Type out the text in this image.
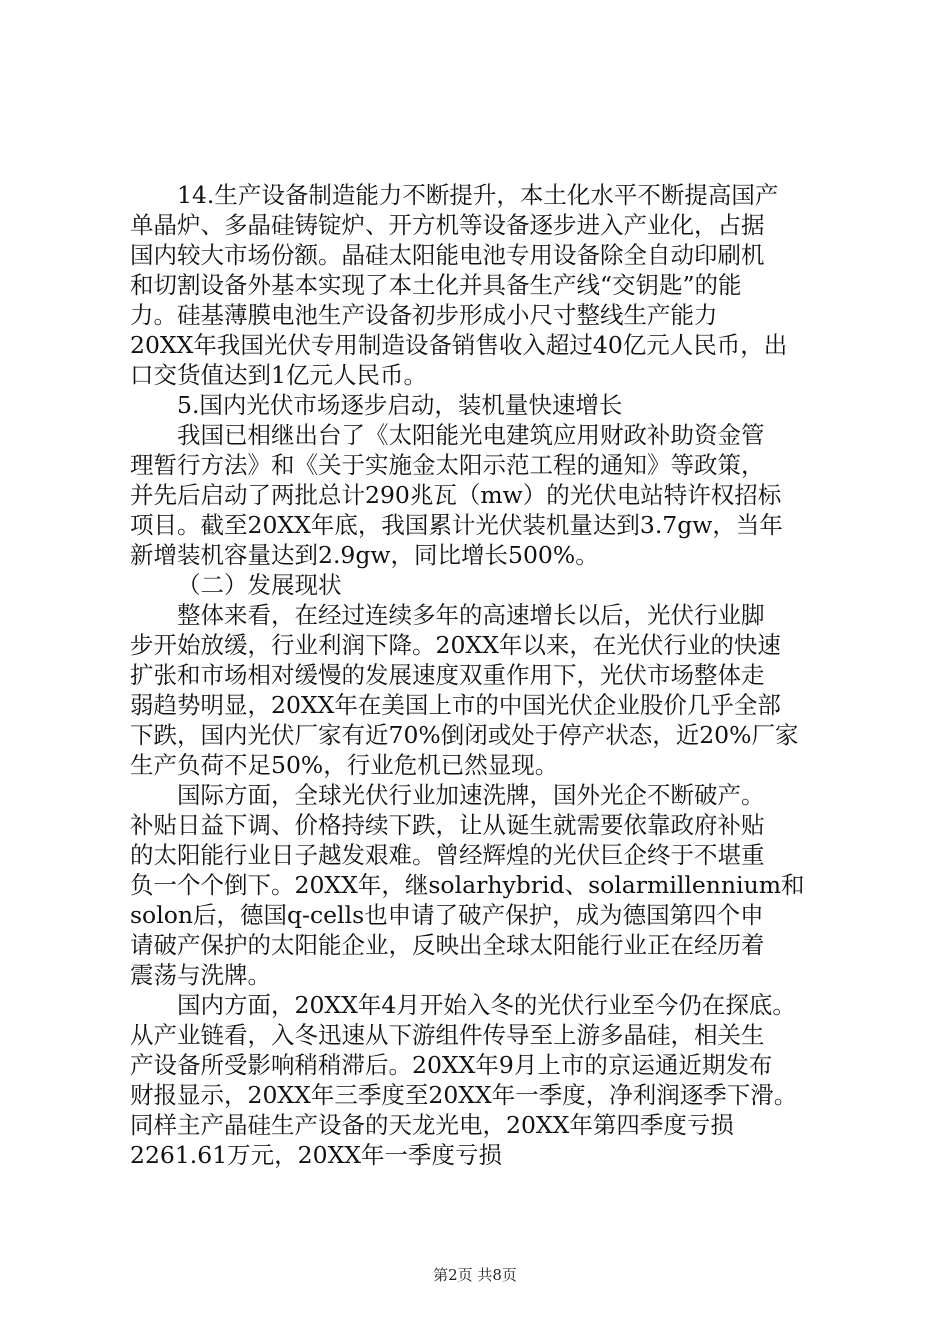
14.生产设备制造能力不断提升，本土化水平不断提高国产
单晶炉、多晶硅铸锭炉、开方机等设备逐步进入产业化，占据
国内较大市场份额。晶硅太阳能电池专用设备除全自动印刷机
和切割设备外基本实现了本土化并具备生产线“交钥匙”的能
力。硅基薄膜电池生产设备初步形成小尺寸整线生产能力
20XX年我国光伏专用制造设备销售收入超过40亿元人民币，出
口交货值达到1亿元人民币。
5.国内光伏市场逐步启动，装机量快速增长
我国已相继出台了《太阳能光电建筑应用财政补助资金管
理暂行方法》和《关于实施金太阳示范工程的通知》等政策，
并先后启动了两批总计290兆瓦（mw）的光伏电站特许权招标
项目。截至20XX年底，我国累计光伏装机量达到3.7gw，当年
新增装机容量达到2.9gw，同比增长500%。
（二）发展现状
整体来看，在经过连续多年的高速增长以后，光伏行业脚
步开始放缓，行业利润下降。20XX年以来，在光伏行业的快速
扩张和市场相对缓慢的发展速度双重作用下，光伏市场整体走
弱趋势明显，20XX年在美国上市的中国光伏企业股价几乎全部
下跌，国内光伏厂家有近70%倒闭或处于停产状态，近20%厂家
生产负荷不足50%，行业危机已然显现。
国际方面，全球光伏行业加速洗牌，国外光企不断破产。
补贴日益下调、价格持续下跌，让从诞生就需要依靠政府补贴
的太阳能行业日子越发艰难。曾经辉煌的光伏巨企终于不堪重
负一个个倒下。20XX年，继solarhybrid、solarmillennium和
solon后，德国q-cells也申请了破产保护，成为德国第四个申
请破产保护的太阳能企业，反映出全球太阳能行业正在经历着
震荡与洗牌。
国内方面，20XX年4月开始入冬的光伏行业至今仍在探底。
从产业链看，入冬迅速从下游组件传导至上游多晶硅，相关生
产设备所受影响稍稍滞后。20XX年9月上市的京运通近期发布
财报显示，20XX年三季度至20XX年一季度，净利润逐季下滑。
同样主产晶硅生产设备的天龙光电，20XX年第四季度亏损
2261.61万元，20XX年一季度亏损
第2页 共8页
